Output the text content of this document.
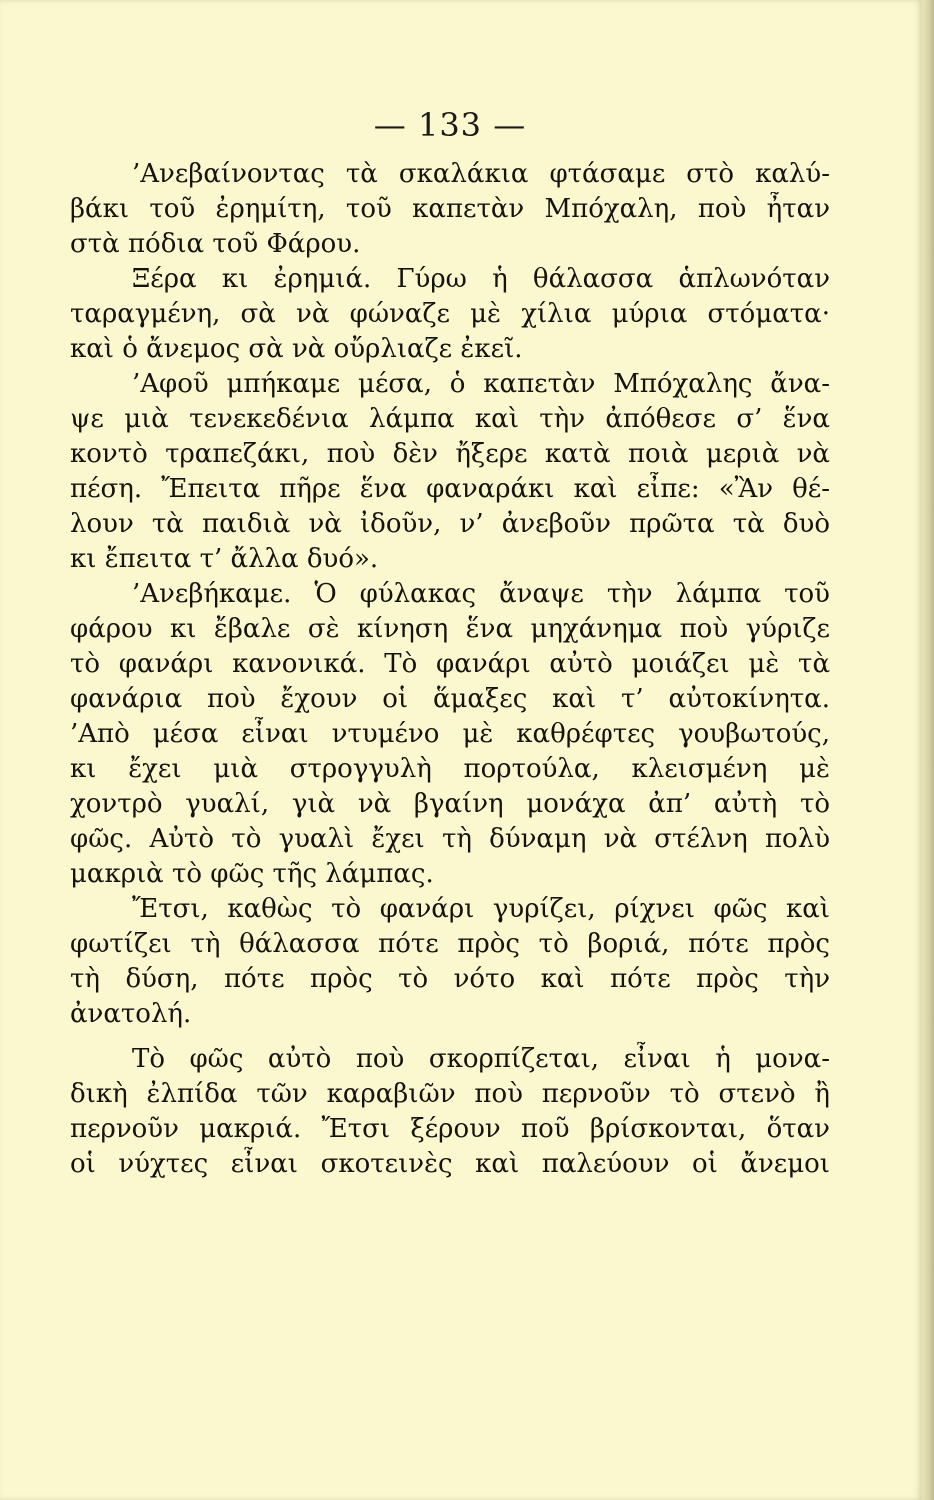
— 133 —
’Ανεβαίνοντας τὰ σκαλάκια φτάσαμε στὸ καλύ-
βάκι τοῦ ἐρημίτη, τοῦ καπετὰν Μπόχαλη, ποὺ ἦταν
στὰ πόδια τοῦ Φάρου.
Ξέρα κι ἐρημιά. Γύρω ἡ θάλασσα ἁπλωνόταν
ταραγμένη, σὰ νὰ φώναζε μὲ χίλια μύρια στόματα·
καὶ ὁ ἄνεμος σὰ νὰ οὔρλιαζε ἐκεῖ.
’Αφοῦ μπήκαμε μέσα, ὁ καπετὰν Μπόχαλης ἄνα-
ψε μιὰ τενεκεδένια λάμπα καὶ τὴν ἀπόθεσε σ’ ἕνα
κοντὸ τραπεζάκι, ποὺ δὲν ἤξερε κατὰ ποιὰ μεριὰ νὰ
πέση. Ἔπειτα πῆρε ἕνα φαναράκι καὶ εἶπε: «Ἂν θέ-
λουν τὰ παιδιὰ νὰ ἰδοῦν, ν’ ἀνεβοῦν πρῶτα τὰ δυὸ
κι ἔπειτα τ’ ἄλλα δυό».
’Ανεβήκαμε. Ὁ φύλακας ἄναψε τὴν λάμπα τοῦ
φάρου κι ἔβαλε σὲ κίνηση ἕνα μηχάνημα ποὺ γύριζε
τὸ φανάρι κανονικά. Τὸ φανάρι αὐτὸ μοιάζει μὲ τὰ
φανάρια ποὺ ἔχουν οἱ ἅμαξες καὶ τ’ αὐτοκίνητα.
’Απὸ μέσα εἶναι ντυμένο μὲ καθρέφτες γουβωτούς,
κι ἔχει μιὰ στρογγυλὴ πορτούλα, κλεισμένη μὲ
χοντρὸ γυαλί, γιὰ νὰ βγαίνη μονάχα ἀπ’ αὐτὴ τὸ
φῶς. Αὐτὸ τὸ γυαλὶ ἔχει τὴ δύναμη νὰ στέλνη πολὺ
μακριὰ τὸ φῶς τῆς λάμπας.
Ἔτσι, καθὼς τὸ φανάρι γυρίζει, ρίχνει φῶς καὶ
φωτίζει τὴ θάλασσα πότε πρὸς τὸ βοριά, πότε πρὸς
τὴ δύση, πότε πρὸς τὸ νότο καὶ πότε πρὸς τὴν
ἀνατολή.
Τὸ φῶς αὐτὸ ποὺ σκορπίζεται, εἶναι ἡ μονα-
δικὴ ἐλπίδα τῶν καραβιῶν ποὺ περνοῦν τὸ στενὸ ἢ
περνοῦν μακριά. Ἔτσι ξέρουν ποῦ βρίσκονται, ὅταν
οἱ νύχτες εἶναι σκοτεινὲς καὶ παλεύουν οἱ ἄνεμοι
